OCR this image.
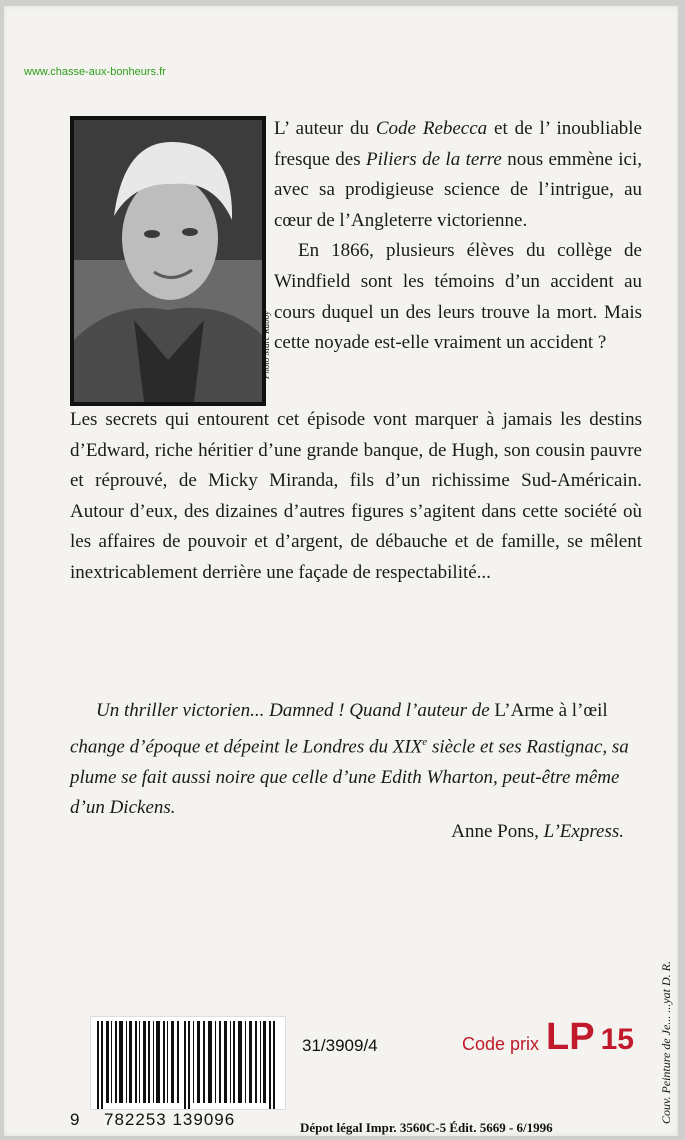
www.chasse-aux-bonheurs.fr
Photo Marc Raboy

L’ auteur du Code Rebecca et de l’ inoubliable fresque des Piliers de la terre nous emmène ici, avec sa prodigieuse science de l’intrigue, au cœur de l’Angleterre victorienne.

En 1866, plusieurs élèves du collège de Windfield sont les témoins d’un accident au cours duquel un des leurs trouve la mort. Mais cette noyade est-elle vraiment un accident ?

Les secrets qui entourent cet épisode vont marquer à jamais les destins d’Edward, riche héritier d’une grande banque, de Hugh, son cousin pauvre et réprouvé, de Micky Miranda, fils d’un richissime Sud-Américain. Autour d’eux, des dizaines d’autres figures s’agitent dans cette société où les affaires de pouvoir et d’argent, de débauche et de famille, se mêlent inextricablement derrière une façade de respectabilité...
Un thriller victorien... Damned ! Quand l’auteur de L’Arme à l’œil change d’époque et dépeint le Londres du XIXe siècle et ses Rastignac, sa plume se fait aussi noire que celle d’une Edith Wharton, peut-être même d’un Dickens.
Anne Pons, L’Express.
9 782253 139096
31/3909/4	Code prix LP 15
Dépot légal Impr. 3560C-5 Édit. 5669 - 6/1996
Couv. Peinture de Je... ...yat D. R.
